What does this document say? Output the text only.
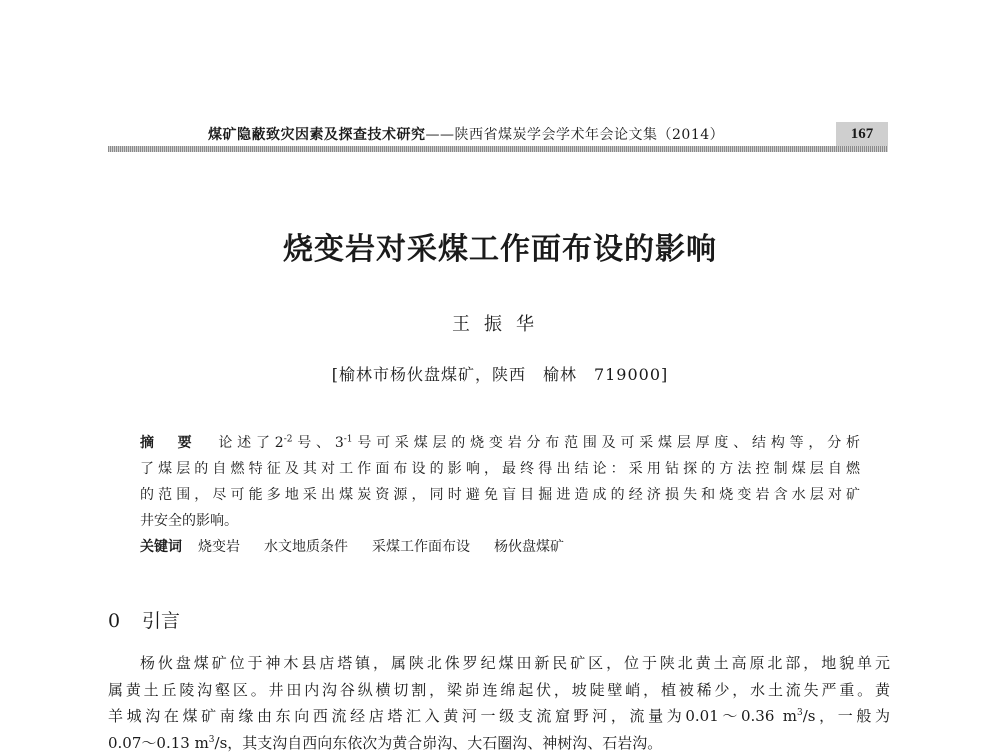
煤矿隐蔽致灾因素及探查技术研究——陕西省煤炭学会学术年会论文集（2014）	167
烧变岩对采煤工作面布设的影响
王振华
[榆林市杨伙盘煤矿，陕西　榆林　719000]

摘　要 论述了$2^{-2}$号、$3^{-1}$号可采煤层的烧变岩分布范围及可采煤层厚度、结构等，分析

了煤层的自燃特征及其对工作面布设的影响，最终得出结论：采用钻探的方法控制煤层自燃

的范围，尽可能多地采出煤炭资源，同时避免盲目掘进造成的经济损失和烧变岩含水层对矿

井安全的影响。

关键词 烧变岩 水文地质条件 采煤工作面布设 杨伙盘煤矿

0 引言

杨伙盘煤矿位于神木县店塔镇，属陕北侏罗纪煤田新民矿区，位于陕北黄土高原北部，地貌单元

属黄土丘陵沟壑区。井田内沟谷纵横切割，梁峁连绵起伏，坡陡壁峭，植被稀少，水土流失严重。黄

羊城沟在煤矿南缘由东向西流经店塔汇入黄河一级支流窟野河，流量为0.01～0.36 $m^3/s$，一般为

0.07～0.13 $m^3/s$，其支沟自西向东依次为黄合峁沟、大石圈沟、神树沟、石岩沟。
